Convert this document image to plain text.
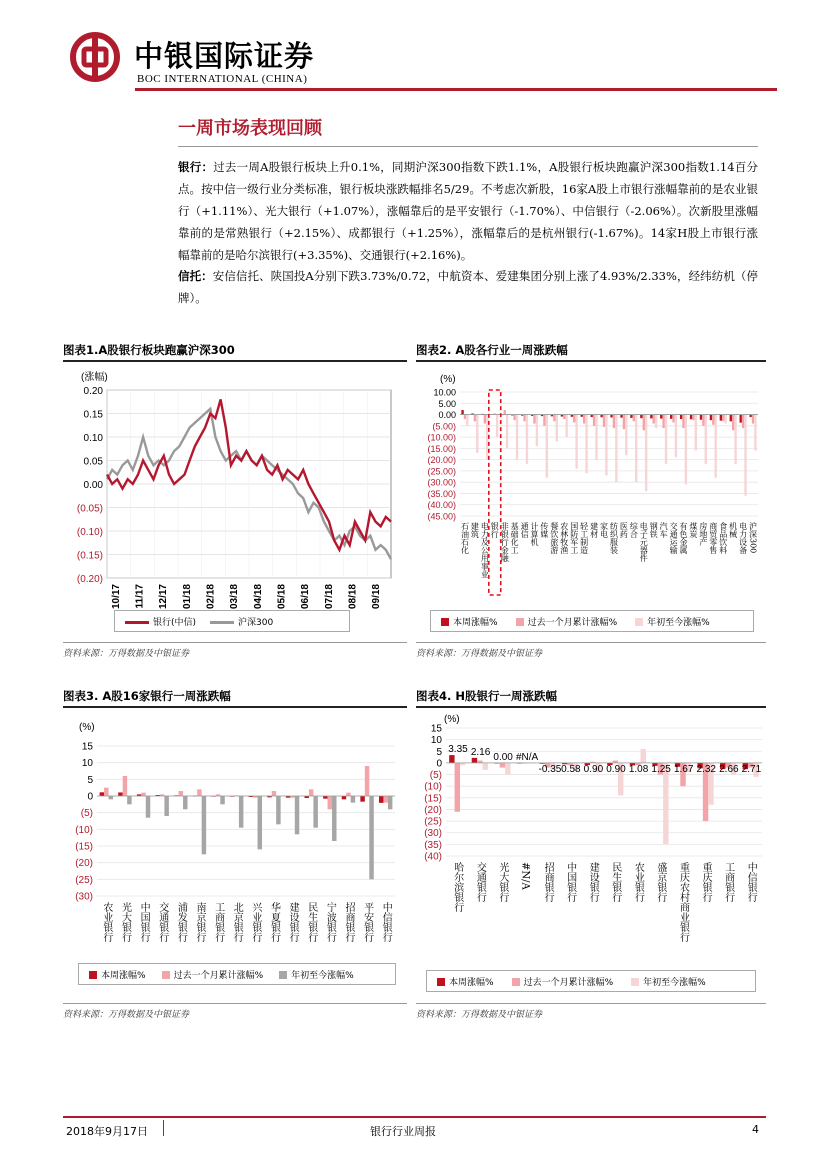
中银国际证券
BOC INTERNATIONAL (CHINA)
一周市场表现回顾
银行：过去一周A股银行板块上升0.1%，同期沪深300指数下跌1.1%，A股银行板块跑赢沪深300指数1.14百分点。按中信一级行业分类标准，银行板块涨跌幅排名5/29。不考虑次新股，16家A股上市银行涨幅靠前的是农业银行（+1.11%）、光大银行（+1.07%），涨幅靠后的是平安银行（-1.70%）、中信银行（-2.06%）。次新股里涨幅靠前的是常熟银行（+2.15%）、成都银行（+1.25%），涨幅靠后的是杭州银行(-1.67%)。14家H股上市银行涨幅靠前的是哈尔滨银行(+3.35%)、交通银行(+2.16%)。
信托：安信信托、陕国投A分别下跌3.73%/0.72，中航资本、爱建集团分别上涨了4.93%/2.33%，经纬纺机（停牌）。
图表1.A股银行板块跑赢沪深300
(涨幅)
0.20
0.15
0.10
0.05
0.00
(0.05)
(0.10)
(0.15)
(0.20)
10/17 11/17 12/17 01/18 02/18 03/18 04/18 05/18 06/18 07/18 08/18 09/18
银行(中信)	沪深300
资料来源：万得数据及中银证券
图表2. A股各行业一周涨跌幅
(%)
10.00
5.00
0.00
(5.00)
(10.00)
(15.00)
(20.00)
(25.00)
(30.00)
(35.00)
(40.00)
(45.00)
石油石化 建筑 电力及公用事业 银行 非银行金融 基础化工 通信 计算机 传媒 餐饮旅游 农林牧渔 国防军工 轻工制造 建材 家电 纺织服装 医药 综合 电子元器件 钢铁 汽车 交通运输 有色金属 煤炭 房地产 商贸零售 食品饮料 机械 电力设备 沪深300
本周涨幅%	过去一个月累计涨幅%	年初至今涨幅%
资料来源：万得数据及中银证券
图表3. A股16家银行一周涨跌幅
(%)
15
10
5
0
(5)
(10)
(15)
(20)
(25)
(30)
农业银行 光大银行 中国银行 交通银行 浦发银行 南京银行 工商银行 北京银行 兴业银行 华夏银行 建设银行 民生银行 宁波银行 招商银行 平安银行 中信银行
本周涨幅%	过去一个月累计涨幅%	年初至今涨幅%
资料来源：万得数据及中银证券
图表4. H股银行一周涨跌幅
(%)
15
10
5
0
(5)
(10)
(15)
(20)
(25)
(30)
(35)
(40)
哈尔滨银行
3.35
交通银行
2.16
光大银行
0.00
#N/A
#N/A
招商银行
-0.35
中国银行
0.58
建设银行
0.90
民生银行
0.90
农业银行
1.08
盛京银行
1.25
重庆农村商业银行
1.67
重庆银行
2.32
工商银行
2.66
中信银行
2.71
本周涨幅%	过去一个月累计涨幅%	年初至今涨幅%
资料来源：万得数据及中银证券
2018年9月17日	银行行业周报	4
